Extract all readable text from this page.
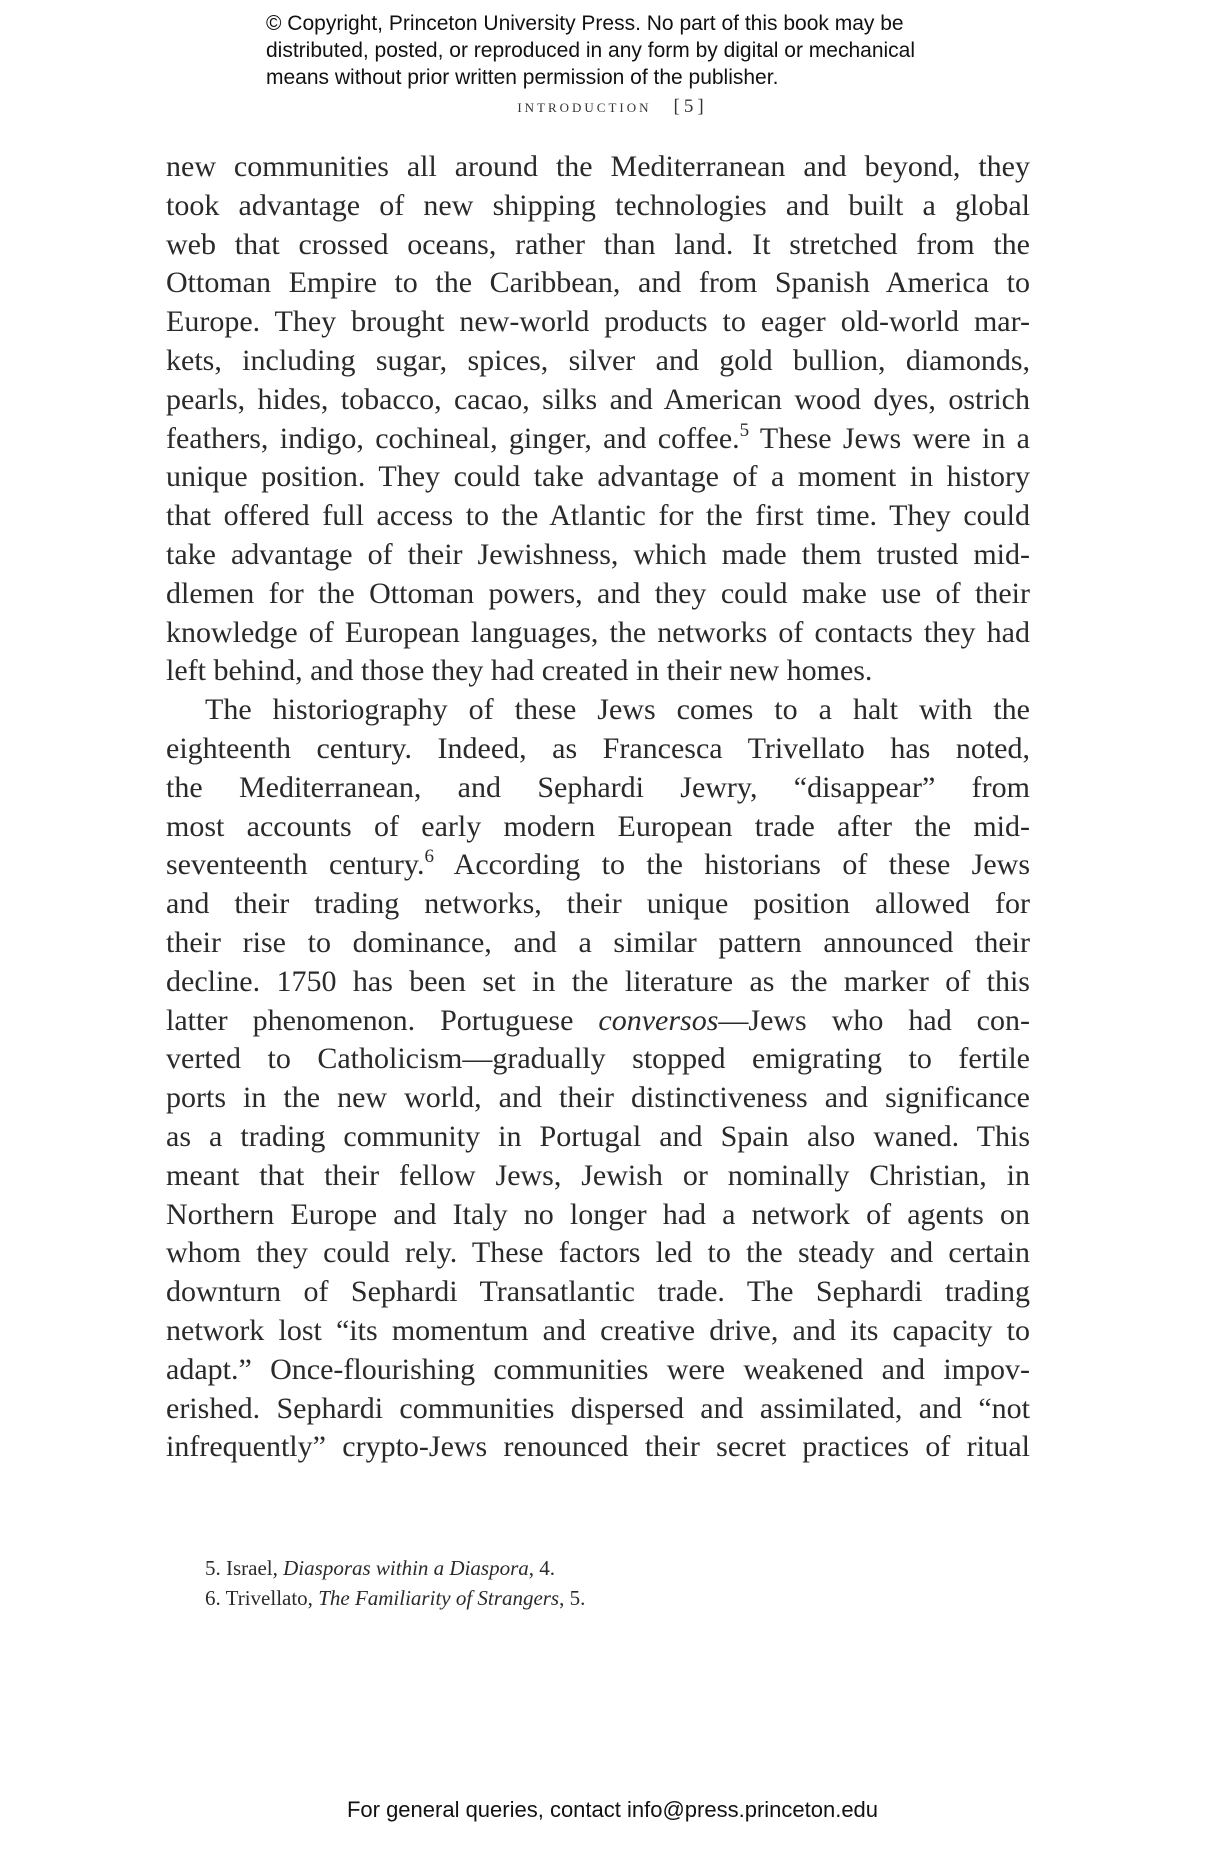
© Copyright, Princeton University Press. No part of this book may be
distributed, posted, or reproduced in any form by digital or mechanical
means without prior written permission of the publisher.
introduction [5]
new communities all around the Mediterranean and beyond, they
took advantage of new shipping technologies and built a global
web that crossed oceans, rather than land. It stretched from the
Ottoman Empire to the Caribbean, and from Spanish America to
Europe. They brought new-world products to eager old-world mar-
kets, including sugar, spices, silver and gold bullion, diamonds,
pearls, hides, tobacco, cacao, silks and American wood dyes, ostrich
feathers, indigo, cochineal, ginger, and coffee.$^5$ These Jews were in a
unique position. They could take advantage of a moment in history
that offered full access to the Atlantic for the first time. They could
take advantage of their Jewishness, which made them trusted mid-
dlemen for the Ottoman powers, and they could make use of their
knowledge of European languages, the networks of contacts they had
left behind, and those they had created in their new homes.
The historiography of these Jews comes to a halt with the
eighteenth century. Indeed, as Francesca Trivellato has noted,
the Mediterranean, and Sephardi Jewry, “disappear” from
most accounts of early modern European trade after the mid-
seventeenth century.$^6$ According to the historians of these Jews
and their trading networks, their unique position allowed for
their rise to dominance, and a similar pattern announced their
decline. 1750 has been set in the literature as the marker of this
latter phenomenon. Portuguese conversos—Jews who had con-
verted to Catholicism—gradually stopped emigrating to fertile
ports in the new world, and their distinctiveness and significance
as a trading community in Portugal and Spain also waned. This
meant that their fellow Jews, Jewish or nominally Christian, in
Northern Europe and Italy no longer had a network of agents on
whom they could rely. These factors led to the steady and certain
downturn of Sephardi Transatlantic trade. The Sephardi trading
network lost “its momentum and creative drive, and its capacity to
adapt.” Once-flourishing communities were weakened and impov-
erished. Sephardi communities dispersed and assimilated, and “not
infrequently” crypto-Jews renounced their secret practices of ritual
5. Israel, Diasporas within a Diaspora, 4.
6. Trivellato, The Familiarity of Strangers, 5.
For general queries, contact info@press.princeton.edu
